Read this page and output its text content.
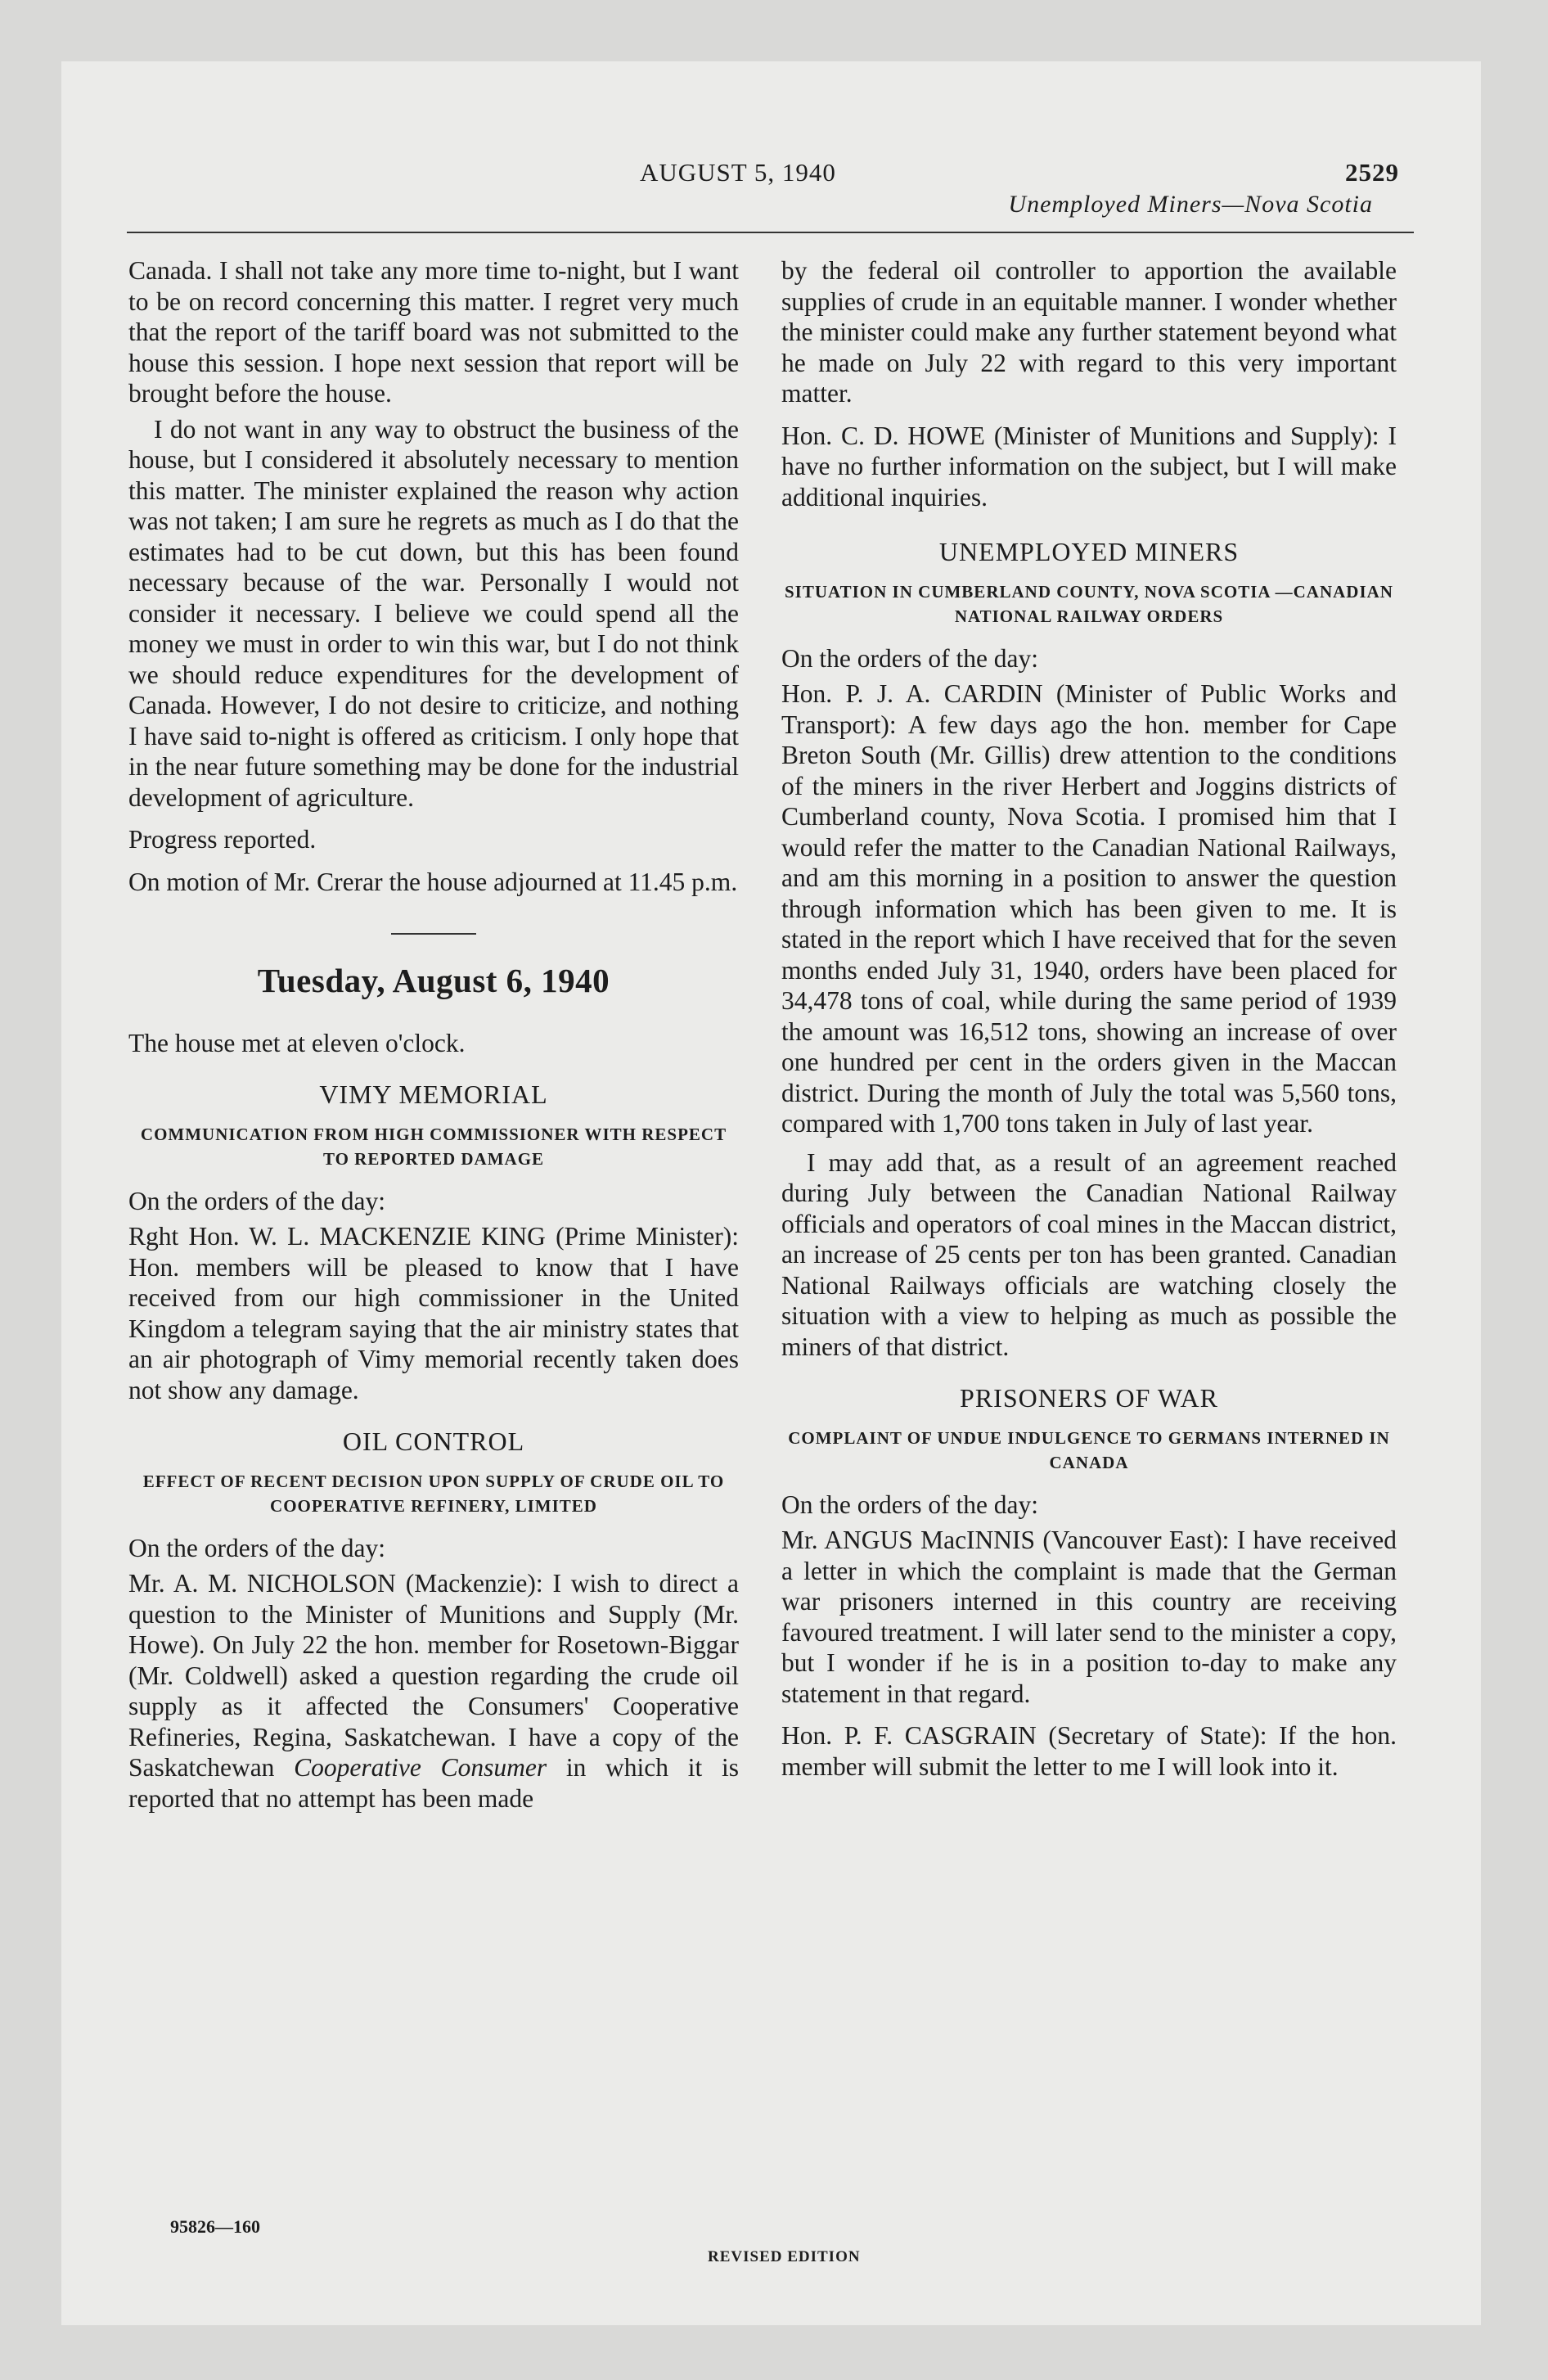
AUGUST 5, 1940	2529
Unemployed Miners—Nova Scotia

Canada. I shall not take any more time to-night, but I want to be on record concerning this matter. I regret very much that the report of the tariff board was not submitted to the house this session. I hope next session that report will be brought before the house.

I do not want in any way to obstruct the business of the house, but I considered it absolutely necessary to mention this matter. The minister explained the reason why action was not taken; I am sure he regrets as much as I do that the estimates had to be cut down, but this has been found necessary because of the war. Personally I would not consider it necessary. I believe we could spend all the money we must in order to win this war, but I do not think we should reduce expenditures for the development of Canada. However, I do not desire to criticize, and nothing I have said to-night is offered as criticism. I only hope that in the near future something may be done for the industrial development of agriculture.

Progress reported.

On motion of Mr. Crerar the house adjourned at 11.45 p.m.

Tuesday, August 6, 1940

The house met at eleven o'clock.

VIMY MEMORIAL
COMMUNICATION FROM HIGH COMMISSIONER WITH RESPECT TO REPORTED DAMAGE

On the orders of the day:

Rght Hon. W. L. MACKENZIE KING (Prime Minister): Hon. members will be pleased to know that I have received from our high commissioner in the United Kingdom a telegram saying that the air ministry states that an air photograph of Vimy memorial recently taken does not show any damage.

OIL CONTROL
EFFECT OF RECENT DECISION UPON SUPPLY OF CRUDE OIL TO COOPERATIVE REFINERY, LIMITED

On the orders of the day:

Mr. A. M. NICHOLSON (Mackenzie): I wish to direct a question to the Minister of Munitions and Supply (Mr. Howe). On July 22 the hon. member for Rosetown-Biggar (Mr. Coldwell) asked a question regarding the crude oil supply as it affected the Consumers' Cooperative Refineries, Regina, Saskatchewan. I have a copy of the Saskatchewan Cooperative Consumer in which it is reported that no attempt has been made

by the federal oil controller to apportion the available supplies of crude in an equitable manner. I wonder whether the minister could make any further statement beyond what he made on July 22 with regard to this very important matter.

Hon. C. D. HOWE (Minister of Munitions and Supply): I have no further information on the subject, but I will make additional inquiries.

UNEMPLOYED MINERS
SITUATION IN CUMBERLAND COUNTY, NOVA SCOTIA —CANADIAN NATIONAL RAILWAY ORDERS

On the orders of the day:

Hon. P. J. A. CARDIN (Minister of Public Works and Transport): A few days ago the hon. member for Cape Breton South (Mr. Gillis) drew attention to the conditions of the miners in the river Herbert and Joggins districts of Cumberland county, Nova Scotia. I promised him that I would refer the matter to the Canadian National Railways, and am this morning in a position to answer the question through information which has been given to me. It is stated in the report which I have received that for the seven months ended July 31, 1940, orders have been placed for 34,478 tons of coal, while during the same period of 1939 the amount was 16,512 tons, showing an increase of over one hundred per cent in the orders given in the Maccan district. During the month of July the total was 5,560 tons, compared with 1,700 tons taken in July of last year.

I may add that, as a result of an agreement reached during July between the Canadian National Railway officials and operators of coal mines in the Maccan district, an increase of 25 cents per ton has been granted. Canadian National Railways officials are watching closely the situation with a view to helping as much as possible the miners of that district.

PRISONERS OF WAR
COMPLAINT OF UNDUE INDULGENCE TO GERMANS INTERNED IN CANADA

On the orders of the day:

Mr. ANGUS MacINNIS (Vancouver East): I have received a letter in which the complaint is made that the German war prisoners interned in this country are receiving favoured treatment. I will later send to the minister a copy, but I wonder if he is in a position to-day to make any statement in that regard.

Hon. P. F. CASGRAIN (Secretary of State): If the hon. member will submit the letter to me I will look into it.

95826—160
REVISED EDITION
